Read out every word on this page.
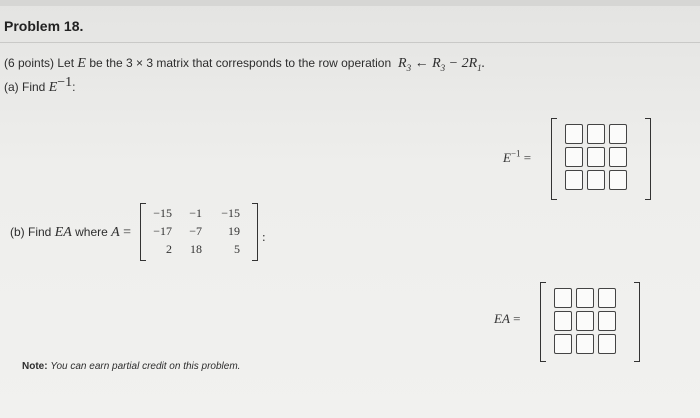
Problem 18.
(6 points) Let E be the 3 × 3 matrix that corresponds to the row operation $R_3$ ← $R_3 - 2R_1$.
(a) Find $E^{-1}$:
$E^{-1}$ =
(b) Find EA where A =
−15	−1	−15
−17	−7	19
2	18	5
:
EA =
Note: You can earn partial credit on this problem.
